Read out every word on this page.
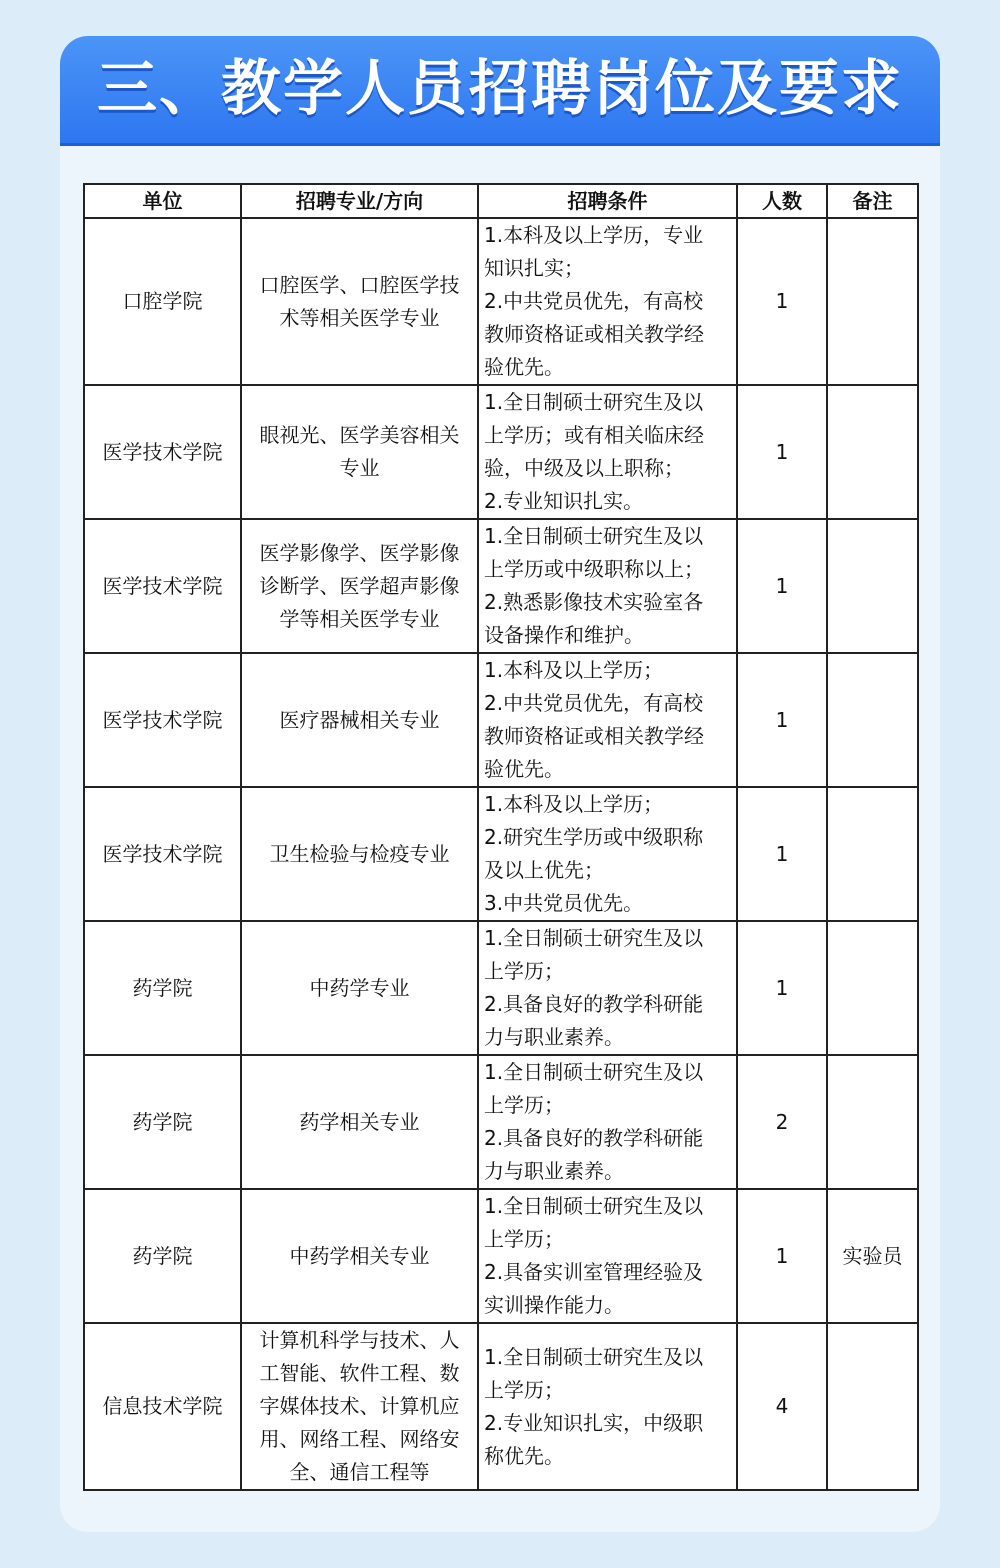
三、教学人员招聘岗位及要求
单位	招聘专业/方向	招聘条件	人数	备注
口腔学院	口腔医学、口腔医学技
术等相关医学专业	1.本科及以上学历，专业
知识扎实；
2.中共党员优先，有高校
教师资格证或相关教学经
验优先。	1	
医学技术学院	眼视光、医学美容相关
专业	1.全日制硕士研究生及以
上学历；或有相关临床经
验，中级及以上职称；
2.专业知识扎实。	1	
医学技术学院	医学影像学、医学影像
诊断学、医学超声影像
学等相关医学专业	1.全日制硕士研究生及以
上学历或中级职称以上；
2.熟悉影像技术实验室各
设备操作和维护。	1	
医学技术学院	医疗器械相关专业	1.本科及以上学历；
2.中共党员优先，有高校
教师资格证或相关教学经
验优先。	1	
医学技术学院	卫生检验与检疫专业	1.本科及以上学历；
2.研究生学历或中级职称
及以上优先；
3.中共党员优先。	1	
药学院	中药学专业	1.全日制硕士研究生及以
上学历；
2.具备良好的教学科研能
力与职业素养。	1	
药学院	药学相关专业	1.全日制硕士研究生及以
上学历；
2.具备良好的教学科研能
力与职业素养。	2	
药学院	中药学相关专业	1.全日制硕士研究生及以
上学历；
2.具备实训室管理经验及
实训操作能力。	1	实验员
信息技术学院	计算机科学与技术、人
工智能、软件工程、数
字媒体技术、计算机应
用、网络工程、网络安
全、通信工程等	1.全日制硕士研究生及以
上学历；
2.专业知识扎实，中级职
称优先。	4	
